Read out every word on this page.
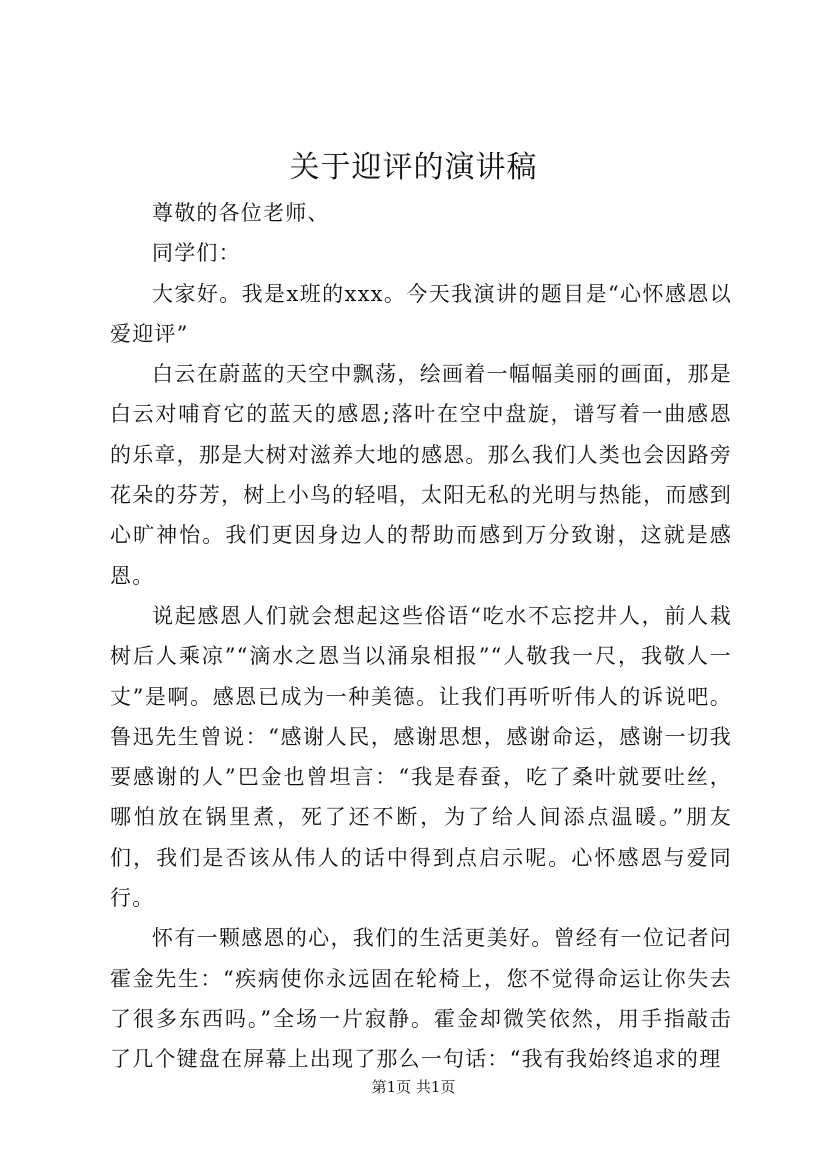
关于迎评的演讲稿

尊敬的各位老师、

同学们：

大家好。我是x班的xxx。今天我演讲的题目是“心怀感恩以爱迎评”

白云在蔚蓝的天空中飘荡，绘画着一幅幅美丽的画面，那是白云对哺育它的蓝天的感恩;落叶在空中盘旋，谱写着一曲感恩的乐章，那是大树对滋养大地的感恩。那么我们人类也会因路旁花朵的芬芳，树上小鸟的轻唱，太阳无私的光明与热能，而感到心旷神怡。我们更因身边人的帮助而感到万分致谢，这就是感恩。

说起感恩人们就会想起这些俗语“吃水不忘挖井人，前人栽树后人乘凉”“滴水之恩当以涌泉相报”“人敬我一尺，我敬人一丈”是啊。感恩已成为一种美德。让我们再听听伟人的诉说吧。鲁迅先生曾说：“感谢人民，感谢思想，感谢命运，感谢一切我要感谢的人”巴金也曾坦言：“我是春蚕，吃了桑叶就要吐丝，哪怕放在锅里煮，死了还不断，为了给人间添点温暖。”朋友们，我们是否该从伟人的话中得到点启示呢。心怀感恩与爱同行。

怀有一颗感恩的心，我们的生活更美好。曾经有一位记者问霍金先生：“疾病使你永远固在轮椅上，您不觉得命运让你失去了很多东西吗。”全场一片寂静。霍金却微笑依然，用手指敲击了几个键盘在屏幕上出现了那么一句话：“我有我始终追求的理

第1页 共1页
